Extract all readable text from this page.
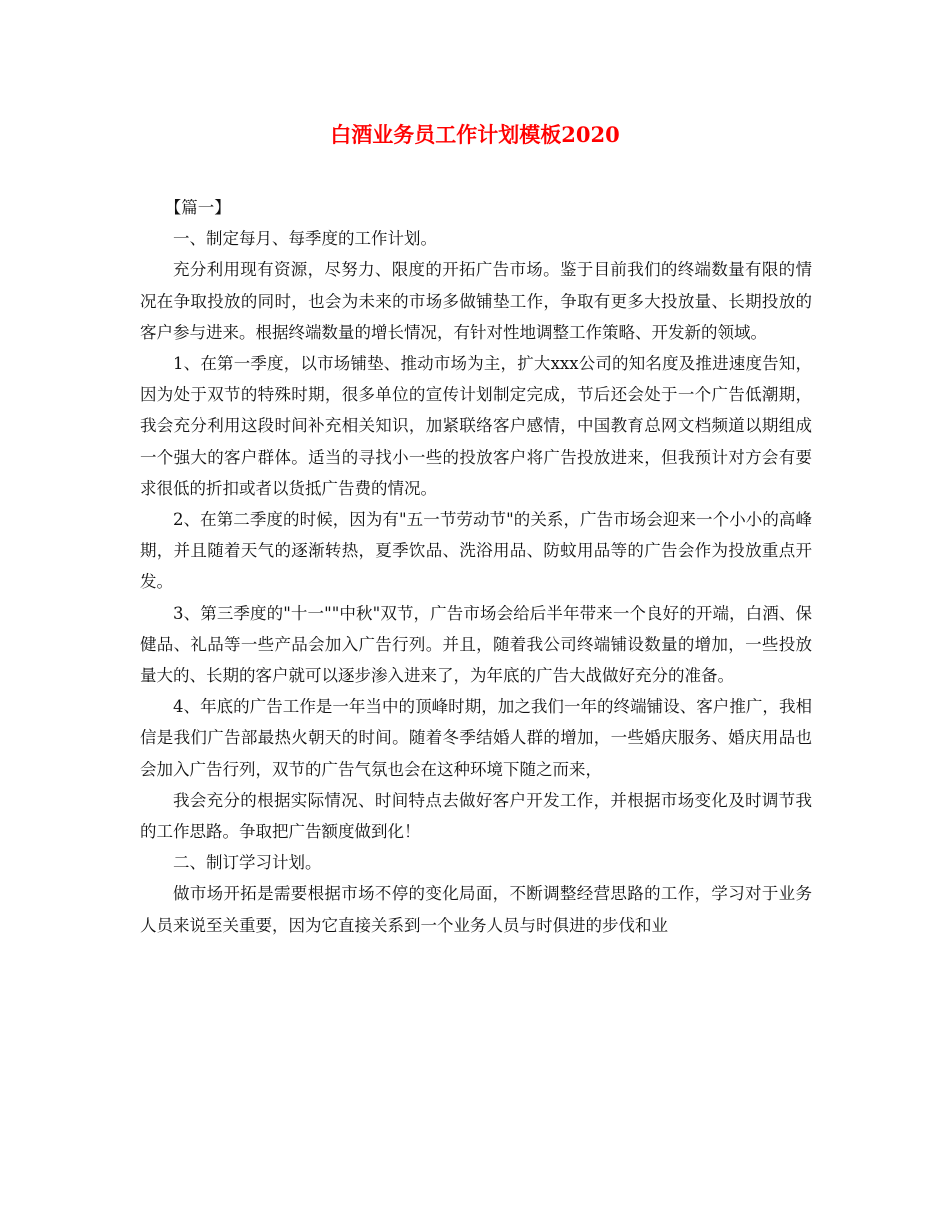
白酒业务员工作计划模板2020

【篇一】

一、制定每月、每季度的工作计划。

充分利用现有资源，尽努力、限度的开拓广告市场。鉴于目前我们的终端数量有限的情况在争取投放的同时，也会为未来的市场多做铺垫工作，争取有更多大投放量、长期投放的客户参与进来。根据终端数量的增长情况，有针对性地调整工作策略、开发新的领域。

1、在第一季度，以市场铺垫、推动市场为主，扩大xxx公司的知名度及推进速度告知，因为处于双节的特殊时期，很多单位的宣传计划制定完成，节后还会处于一个广告低潮期，我会充分利用这段时间补充相关知识，加紧联络客户感情，中国教育总网文档频道以期组成一个强大的客户群体。适当的寻找小一些的投放客户将广告投放进来，但我预计对方会有要求很低的折扣或者以货抵广告费的情况。

2、在第二季度的时候，因为有"五一节劳动节"的关系，广告市场会迎来一个小小的高峰期，并且随着天气的逐渐转热，夏季饮品、洗浴用品、防蚊用品等的广告会作为投放重点开发。

3、第三季度的"十一""中秋"双节，广告市场会给后半年带来一个良好的开端，白酒、保健品、礼品等一些产品会加入广告行列。并且，随着我公司终端铺设数量的增加，一些投放量大的、长期的客户就可以逐步渗入进来了，为年底的广告大战做好充分的准备。

4、年底的广告工作是一年当中的顶峰时期，加之我们一年的终端铺设、客户推广，我相信是我们广告部最热火朝天的时间。随着冬季结婚人群的增加，一些婚庆服务、婚庆用品也会加入广告行列，双节的广告气氛也会在这种环境下随之而来，

我会充分的根据实际情况、时间特点去做好客户开发工作，并根据市场变化及时调节我的工作思路。争取把广告额度做到化！

二、制订学习计划。

做市场开拓是需要根据市场不停的变化局面，不断调整经营思路的工作，学习对于业务人员来说至关重要，因为它直接关系到一个业务人员与时俱进的步伐和业
